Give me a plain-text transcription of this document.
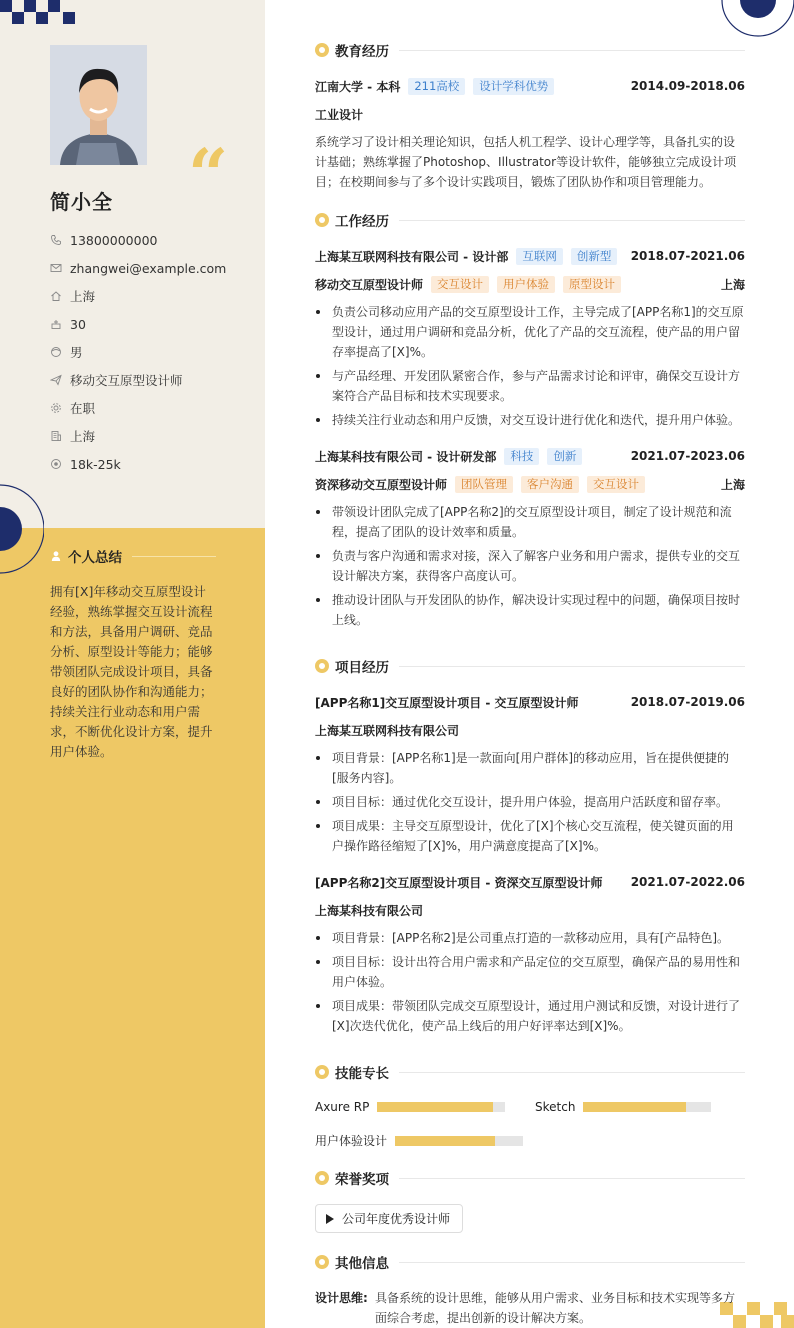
“
简小全
13800000000
zhangwei@example.com
上海
30
男
移动交互原型设计师
在职
上海
18k-25k
个人总结
拥有[X]年移动交互原型设计经验，熟练掌握交互设计流程和方法，具备用户调研、竞品分析、原型设计等能力；能够带领团队完成设计项目，具备良好的团队协作和沟通能力；持续关注行业动态和用户需求，不断优化设计方案，提升用户体验。
教育经历
江南大学 - 本科	211高校	设计学科优势	2014.09-2018.06
工业设计
系统学习了设计相关理论知识，包括人机工程学、设计心理学等，具备扎实的设计基础；熟练掌握了Photoshop、Illustrator等设计软件，能够独立完成设计项目；在校期间参与了多个设计实践项目，锻炼了团队协作和项目管理能力。
工作经历
上海某互联网科技有限公司 - 设计部	互联网	创新型	2018.07-2021.06
移动交互原型设计师	交互设计	用户体验	原型设计	上海
负责公司移动应用产品的交互原型设计工作，主导完成了[APP名称1]的交互原型设计，通过用户调研和竞品分析，优化了产品的交互流程，使产品的用户留存率提高了[X]%。
与产品经理、开发团队紧密合作，参与产品需求讨论和评审，确保交互设计方案符合产品目标和技术实现要求。
持续关注行业动态和用户反馈，对交互设计进行优化和迭代，提升用户体验。
上海某科技有限公司 - 设计研发部	科技	创新	2021.07-2023.06
资深移动交互原型设计师	团队管理	客户沟通	交互设计	上海
带领设计团队完成了[APP名称2]的交互原型设计项目，制定了设计规范和流程，提高了团队的设计效率和质量。
负责与客户沟通和需求对接，深入了解客户业务和用户需求，提供专业的交互设计解决方案，获得客户高度认可。
推动设计团队与开发团队的协作，解决设计实现过程中的问题，确保项目按时上线。
项目经历
[APP名称1]交互原型设计项目 - 交互原型设计师	2018.07-2019.06
上海某互联网科技有限公司
项目背景：[APP名称1]是一款面向[用户群体]的移动应用，旨在提供便捷的[服务内容]。
项目目标：通过优化交互设计，提升用户体验，提高用户活跃度和留存率。
项目成果：主导交互原型设计，优化了[X]个核心交互流程，使关键页面的用户操作路径缩短了[X]%，用户满意度提高了[X]%。
[APP名称2]交互原型设计项目 - 资深交互原型设计师 2021.07-2022.06
上海某科技有限公司
项目背景：[APP名称2]是公司重点打造的一款移动应用，具有[产品特色]。
项目目标：设计出符合用户需求和产品定位的交互原型，确保产品的易用性和用户体验。
项目成果：带领团队完成交互原型设计，通过用户测试和反馈，对设计进行了[X]次迭代优化，使产品上线后的用户好评率达到[X]%。
技能专长
Axure RP	Sketch
用户体验设计
荣誉奖项
公司年度优秀设计师
其他信息
设计思维: 具备系统的设计思维，能够从用户需求、业务目标和技术实现等多方面综合考虑，提出创新的设计解决方案。
